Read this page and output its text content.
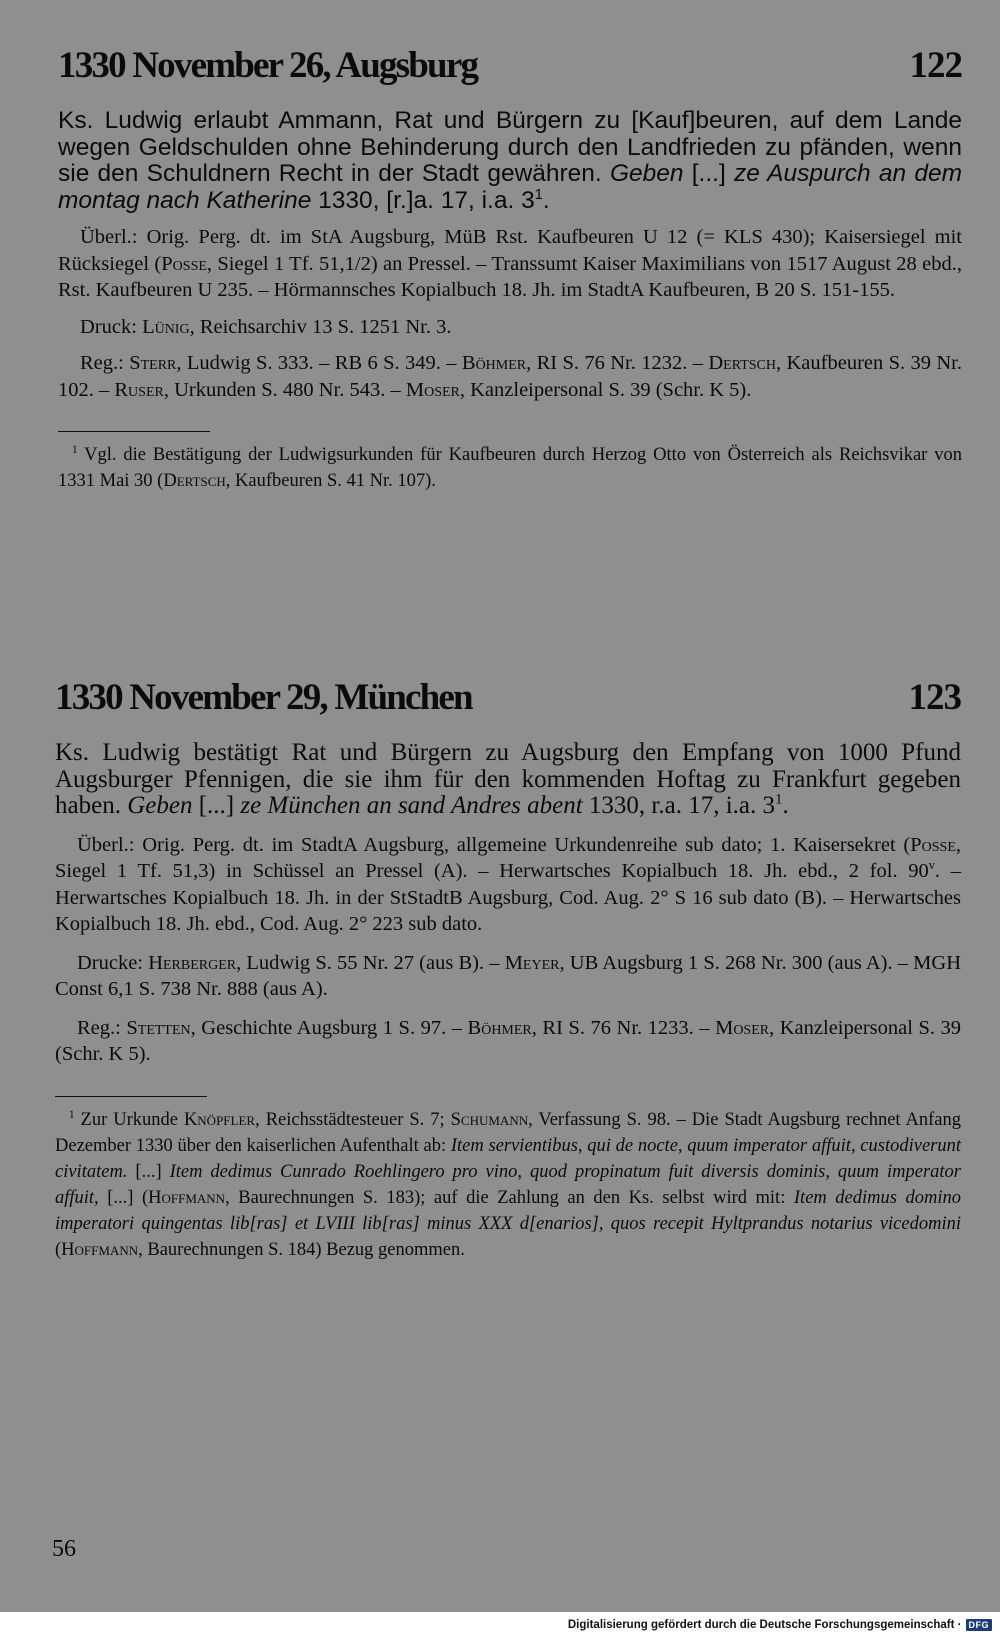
1330 November 26, Augsburg	122
Ks. Ludwig erlaubt Ammann, Rat und Bürgern zu [Kauf]beuren, auf dem Lande wegen Geldschulden ohne Behinderung durch den Landfrieden zu pfänden, wenn sie den Schuldnern Recht in der Stadt gewähren. Geben [...] ze Auspurch an dem montag nach Katherine 1330, [r.]a. 17, i.a. $3^1$.
Überl.: Orig. Perg. dt. im StA Augsburg, MüB Rst. Kaufbeuren U 12 (= KLS 430); Kaisersiegel mit Rücksiegel (Posse, Siegel 1 Tf. 51,1/2) an Pressel. – Transsumt Kaiser Maximilians von 1517 August 28 ebd., Rst. Kaufbeuren U 235. – Hörmannsches Kopialbuch 18. Jh. im StadtA Kaufbeuren, B 20 S. 151-155.
Druck: Lünig, Reichsarchiv 13 S. 1251 Nr. 3.
Reg.: Sterr, Ludwig S. 333. – RB 6 S. 349. – Böhmer, RI S. 76 Nr. 1232. – Dertsch, Kaufbeuren S. 39 Nr. 102. – Ruser, Urkunden S. 480 Nr. 543. – Moser, Kanzleipersonal S. 39 (Schr. K 5).
$^1$ Vgl. die Bestätigung der Ludwigsurkunden für Kaufbeuren durch Herzog Otto von Österreich als Reichsvikar von 1331 Mai 30 (Dertsch, Kaufbeuren S. 41 Nr. 107).
1330 November 29, München	123
Ks. Ludwig bestätigt Rat und Bürgern zu Augsburg den Empfang von 1000 Pfund Augsburger Pfennigen, die sie ihm für den kommenden Hoftag zu Frankfurt gegeben haben. Geben [...] ze München an sand Andres abent 1330, r.a. 17, i.a. $3^1$.
Überl.: Orig. Perg. dt. im StadtA Augsburg, allgemeine Urkundenreihe sub dato; 1. Kaisersekret (Posse, Siegel 1 Tf. 51,3) in Schüssel an Pressel (A). – Herwartsches Kopialbuch 18. Jh. ebd., 2 fol. 90$^v$. – Herwartsches Kopialbuch 18. Jh. in der StStadtB Augsburg, Cod. Aug. 2° S 16 sub dato (B). – Herwartsches Kopialbuch 18. Jh. ebd., Cod. Aug. 2° 223 sub dato.
Drucke: Herberger, Ludwig S. 55 Nr. 27 (aus B). – Meyer, UB Augsburg 1 S. 268 Nr. 300 (aus A). – MGH Const 6,1 S. 738 Nr. 888 (aus A).
Reg.: Stetten, Geschichte Augsburg 1 S. 97. – Böhmer, RI S. 76 Nr. 1233. – Moser, Kanzleipersonal S. 39 (Schr. K 5).
$^1$ Zur Urkunde Knöpfler, Reichsstädtesteuer S. 7; Schumann, Verfassung S. 98. – Die Stadt Augsburg rechnet Anfang Dezember 1330 über den kaiserlichen Aufenthalt ab: Item servientibus, qui de nocte, quum imperator affuit, custodiverunt civitatem. [...] Item dedimus Cunrado Roehlingero pro vino, quod propinatum fuit diversis dominis, quum imperator affuit, [...] (Hoffmann, Baurechnungen S. 183); auf die Zahlung an den Ks. selbst wird mit: Item dedimus domino imperatori quingentas lib[ras] et LVIII lib[ras] minus XXX d[enarios], quos recepit Hyltprandus notarius vicedomini (Hoffmann, Baurechnungen S. 184) Bezug genommen.
56
Digitalisierung gefördert durch die Deutsche Forschungsgemeinschaft · DFG
